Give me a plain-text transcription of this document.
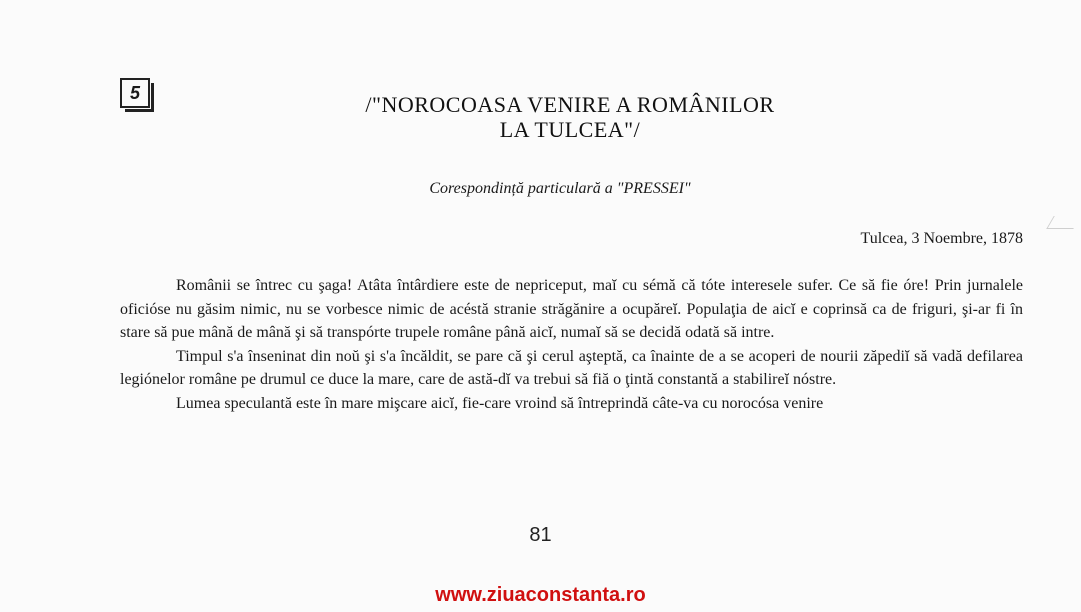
5	/"NOROCOASA VENIRE A ROMÂNILOR
LA TULCEA"/
Corespondință particulară a "PRESSEI"
Tulcea, 3 Noembre, 1878

Românii se întrec cu şaga! Atâta întârdiere este de nepriceput, maĭ cu sémă că tóte interesele sufer. Ce să fie óre! Prin jurnalele oficióse nu găsim nimic, nu se vorbesce nimic de acéstă stranie străgănire a ocupăreĭ. Populaţia de aicĭ e coprinsă ca de friguri, şi-ar fi în stare să pue mână de mână şi să transpórte trupele române până aicĭ, numaĭ să se decidă odată să intre.

Timpul s'a înseninat din noŭ şi s'a încăldit, se pare că şi cerul aşteptă, ca înainte de a se acoperi de nourii zăpediĭ să vadă defilarea legiónelor române pe drumul ce duce la mare, care de astă-dĭ va trebui să fiă o ţintă constantă a stabilireĭ nóstre.

Lumea speculantă este în mare mişcare aicĭ, fie-care vroind să întreprindă câte-va cu norocósa venire

81
www.ziuaconstanta.ro
